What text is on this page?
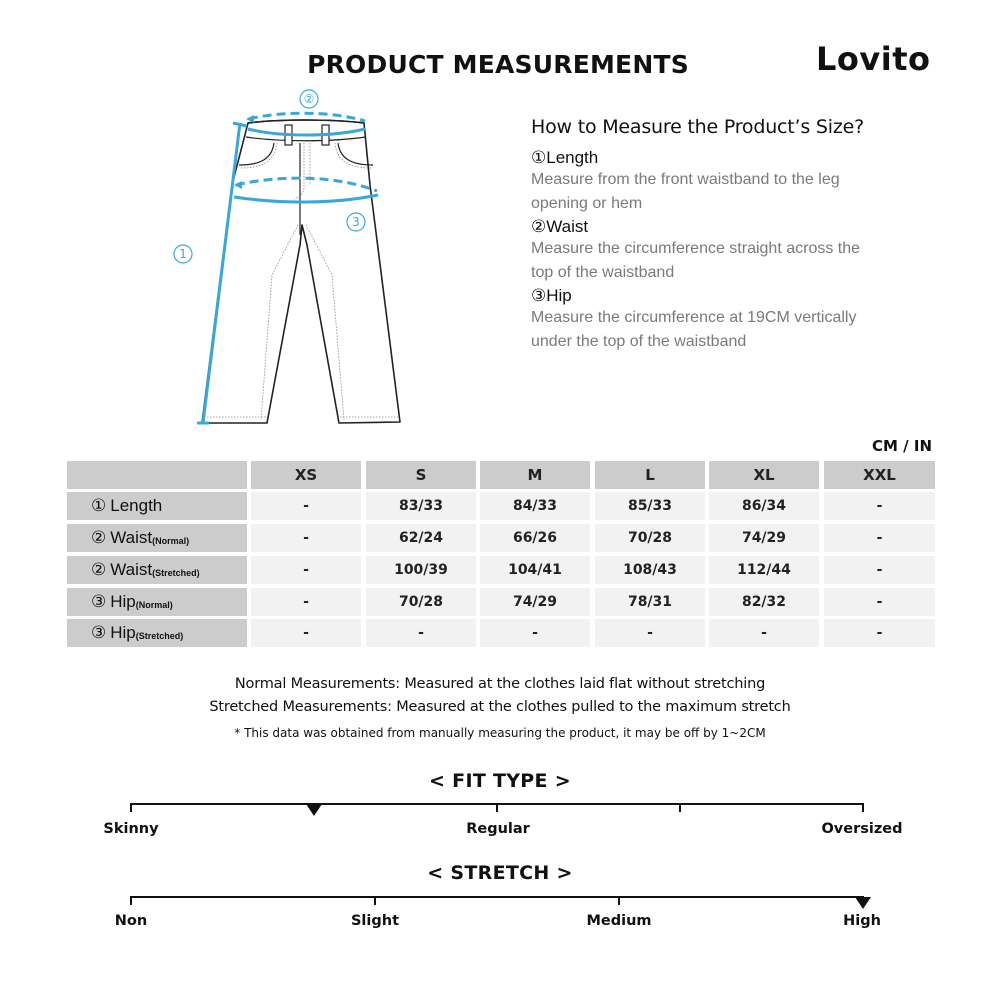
PRODUCT MEASUREMENTS	Lovito
②
3
1
How to Measure the Product’s Size?
①Length
Measure from the front waistband to the leg
opening or hem
②Waist
Measure the circumference straight across the
top of the waistband
③Hip
Measure the circumference at 19CM vertically
under the top of the waistband
CM / IN
XS	S	M	L	XL	XXL
① Length	-	83/33	84/33	85/33	86/34	-
② Waist (Normal)	-	62/24	66/26	70/28	74/29	-
② Waist (Stretched)	-	100/39	104/41	108/43	112/44	-
③ Hip (Normal)	-	70/28	74/29	78/31	82/32	-
③ Hip (Stretched)	-	-	-	-	-	-
Normal Measurements: Measured at the clothes laid flat without stretching
Stretched Measurements: Measured at the clothes pulled to the maximum stretch
* This data was obtained from manually measuring the product, it may be off by 1~2CM
< FIT TYPE >
Skinny	Regular	Oversized
< STRETCH >
Non	Slight	Medium	High
